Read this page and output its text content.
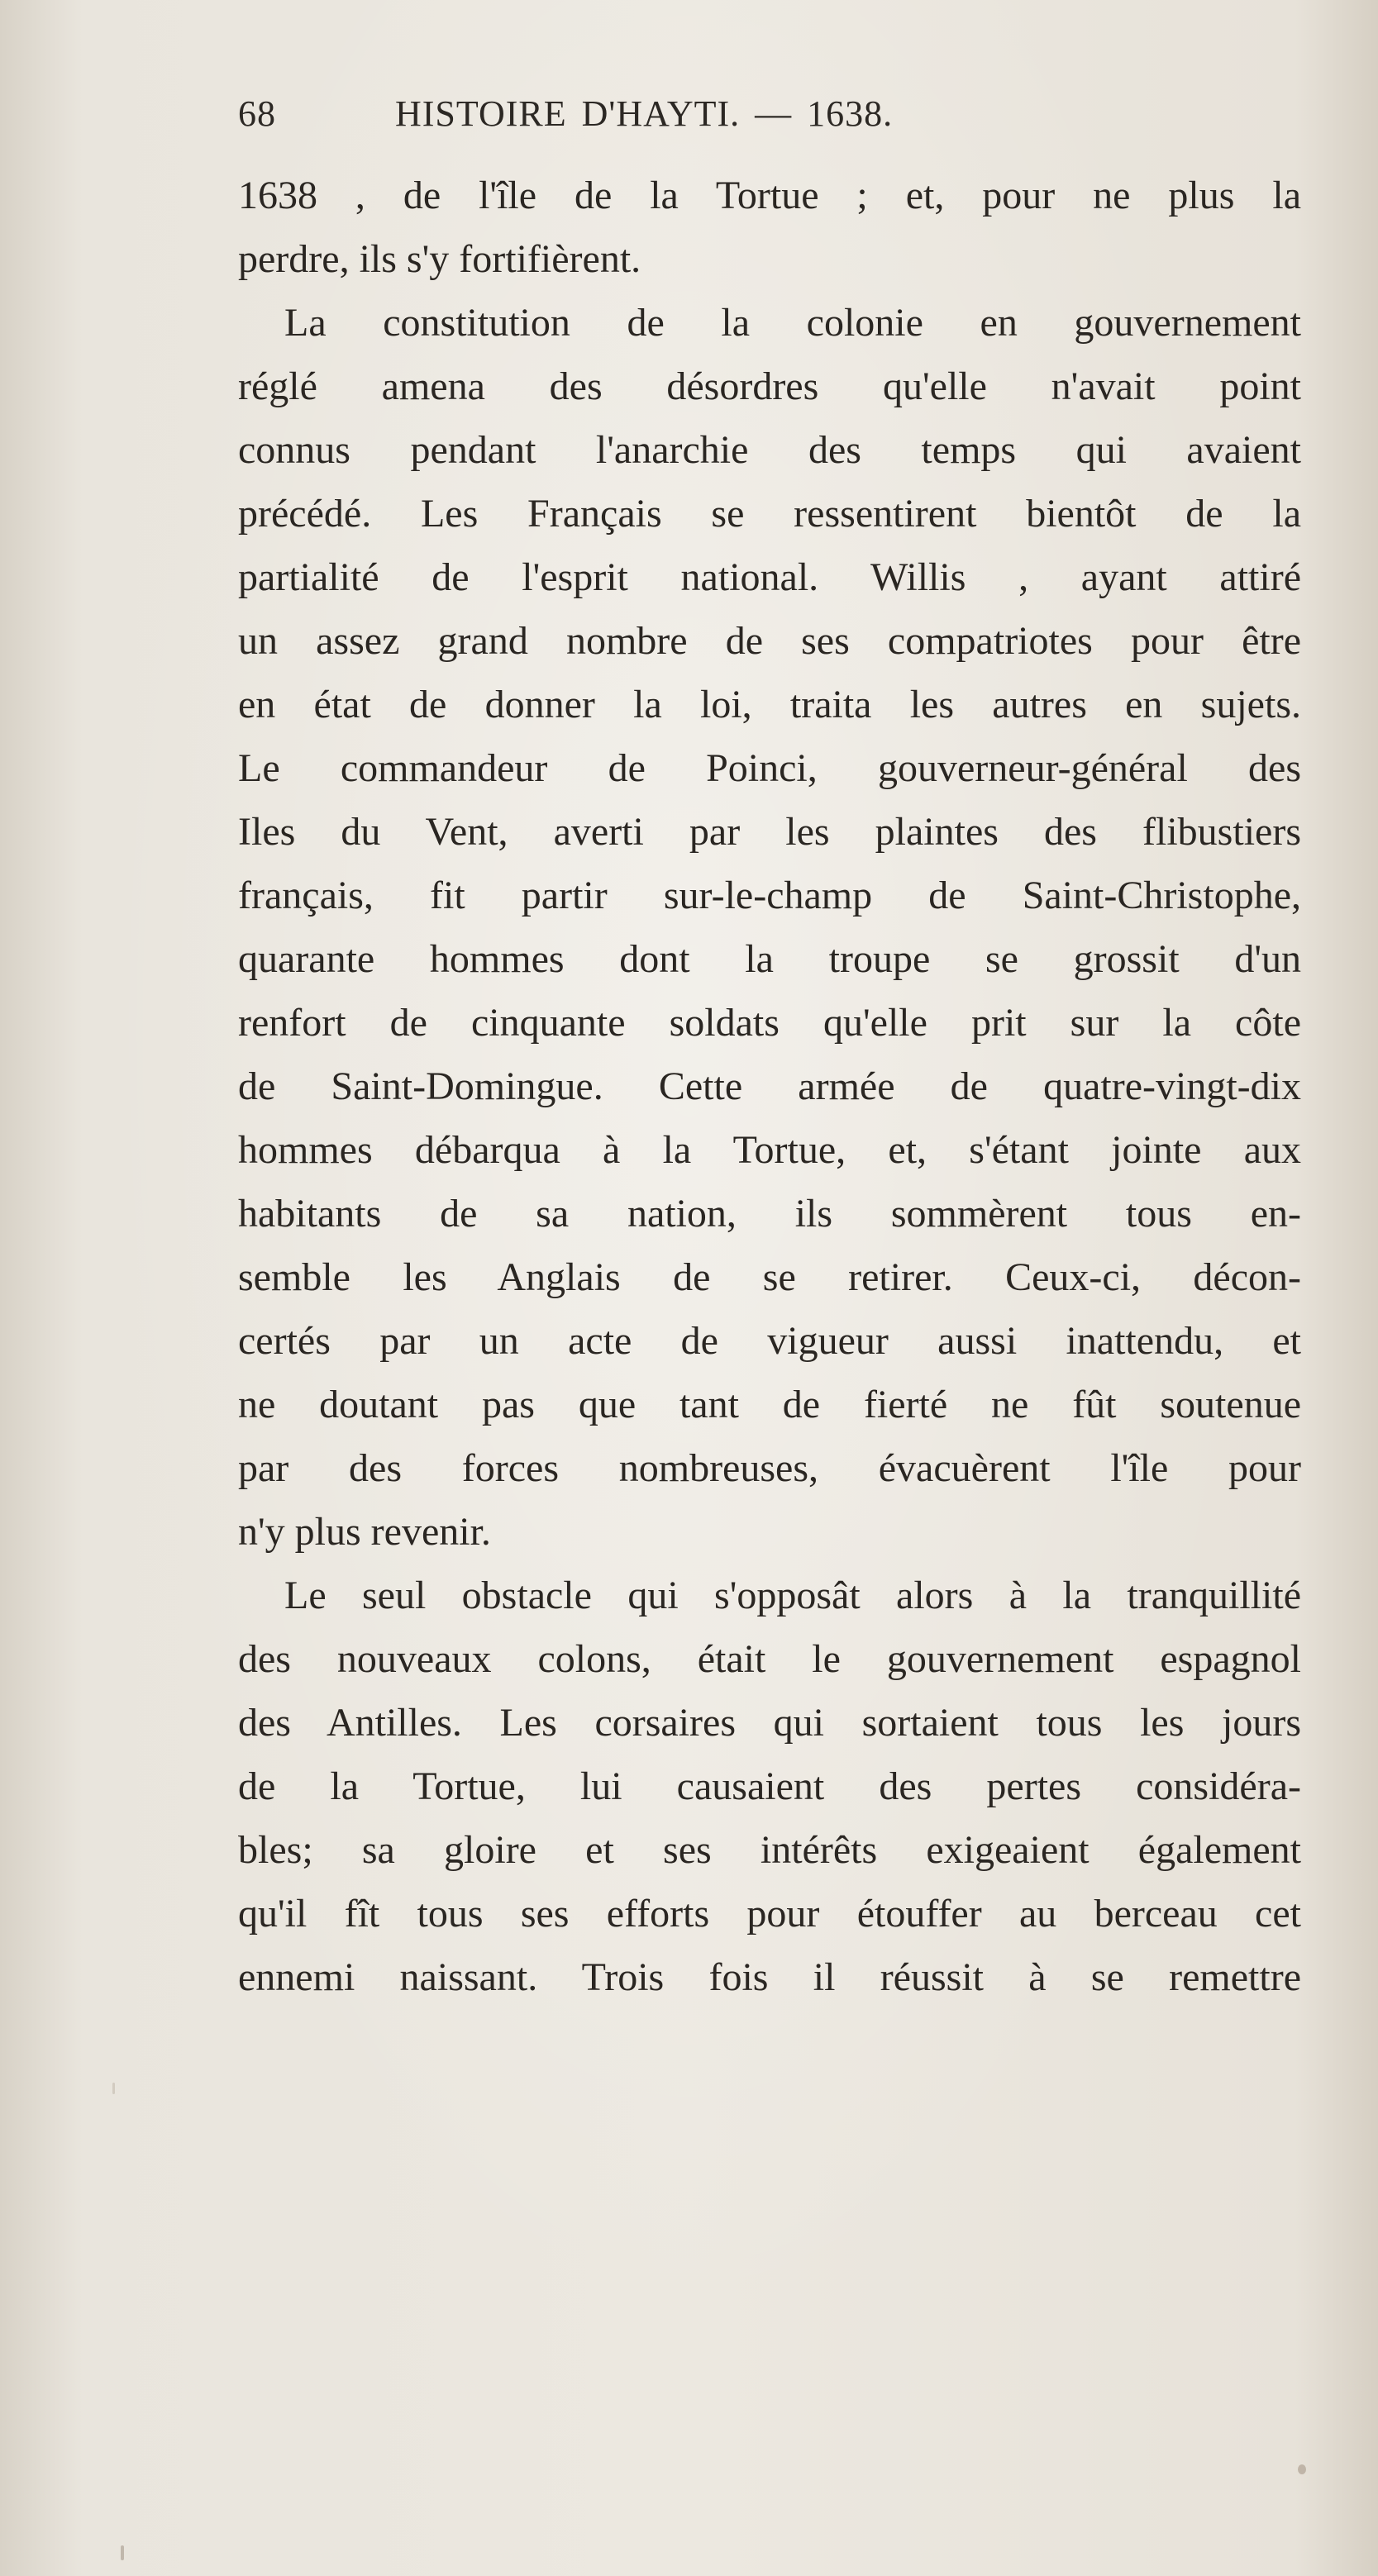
68	HISTOIRE D'HAYTI. — 1638.
1638 , de l'île de la Tortue ; et, pour ne plus la
perdre, ils s'y fortifièrent.
La constitution de la colonie en gouvernement
réglé amena des désordres qu'elle n'avait point
connus pendant l'anarchie des temps qui avaient
précédé. Les Français se ressentirent bientôt de la
partialité de l'esprit national. Willis , ayant attiré
un assez grand nombre de ses compatriotes pour être
en état de donner la loi, traita les autres en sujets.
Le commandeur de Poinci, gouverneur-général des
Iles du Vent, averti par les plaintes des flibustiers
français, fit partir sur-le-champ de Saint-Christophe,
quarante hommes dont la troupe se grossit d'un
renfort de cinquante soldats qu'elle prit sur la côte
de Saint-Domingue. Cette armée de quatre-vingt-dix
hommes débarqua à la Tortue, et, s'étant jointe aux
habitants de sa nation, ils sommèrent tous en-
semble les Anglais de se retirer. Ceux-ci, décon-
certés par un acte de vigueur aussi inattendu, et
ne doutant pas que tant de fierté ne fût soutenue
par des forces nombreuses, évacuèrent l'île pour
n'y plus revenir.
Le seul obstacle qui s'opposât alors à la tranquillité
des nouveaux colons, était le gouvernement espagnol
des Antilles. Les corsaires qui sortaient tous les jours
de la Tortue, lui causaient des pertes considéra-
bles; sa gloire et ses intérêts exigeaient également
qu'il fît tous ses efforts pour étouffer au berceau cet
ennemi naissant. Trois fois il réussit à se remettre
